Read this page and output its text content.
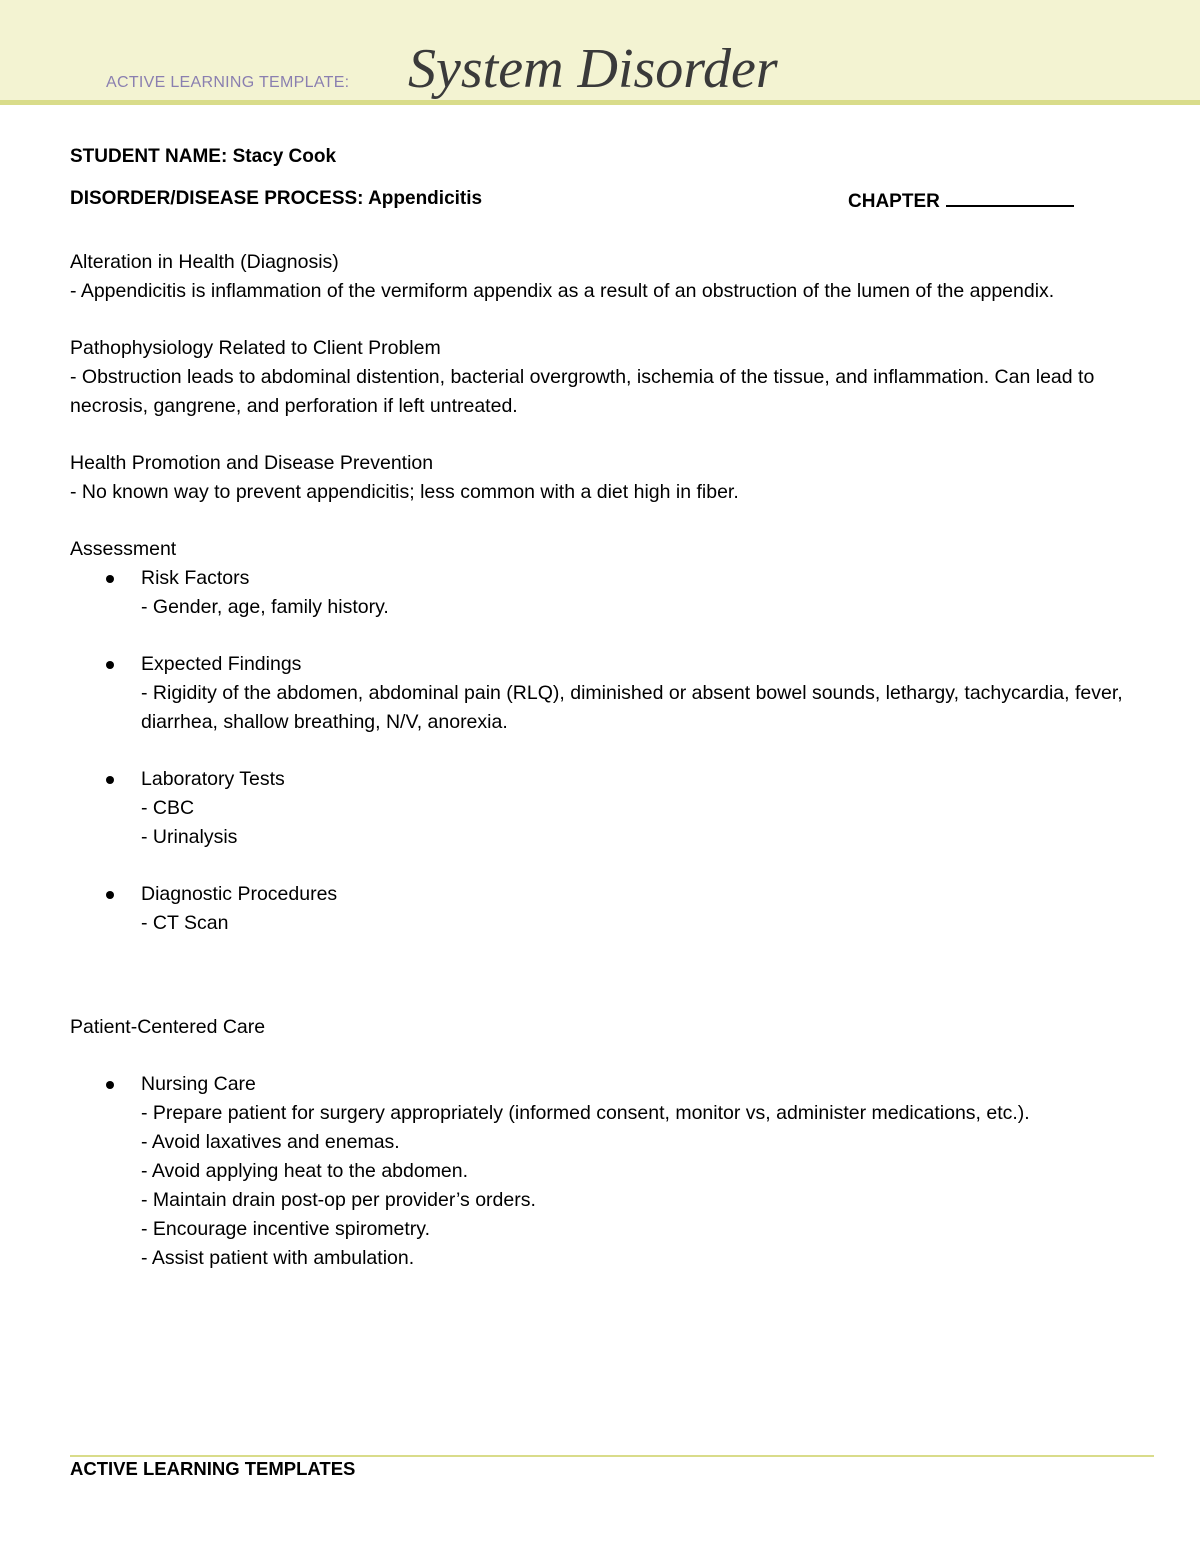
ACTIVE LEARNING TEMPLATE: System Disorder
STUDENT NAME: Stacy Cook
DISORDER/DISEASE PROCESS: Appendicitis	CHAPTER

Alteration in Health (Diagnosis)

- Appendicitis is inflammation of the vermiform appendix as a result of an obstruction of the lumen of the appendix.

Pathophysiology Related to Client Problem

- Obstruction leads to abdominal distention, bacterial overgrowth, ischemia of the tissue, and inflammation. Can lead to necrosis, gangrene, and perforation if left untreated.

Health Promotion and Disease Prevention

- No known way to prevent appendicitis; less common with a diet high in fiber.

Assessment

Risk Factors

- Gender, age, family history.

Expected Findings

- Rigidity of the abdomen, abdominal pain (RLQ), diminished or absent bowel sounds, lethargy, tachycardia, fever, diarrhea, shallow breathing, N/V, anorexia.

Laboratory Tests

- CBC

- Urinalysis

Diagnostic Procedures

- CT Scan

Patient-Centered Care

Nursing Care

- Prepare patient for surgery appropriately (informed consent, monitor vs, administer medications, etc.).

- Avoid laxatives and enemas.

- Avoid applying heat to the abdomen.

- Maintain drain post-op per provider’s orders.

- Encourage incentive spirometry.

- Assist patient with ambulation.

ACTIVE LEARNING TEMPLATES
